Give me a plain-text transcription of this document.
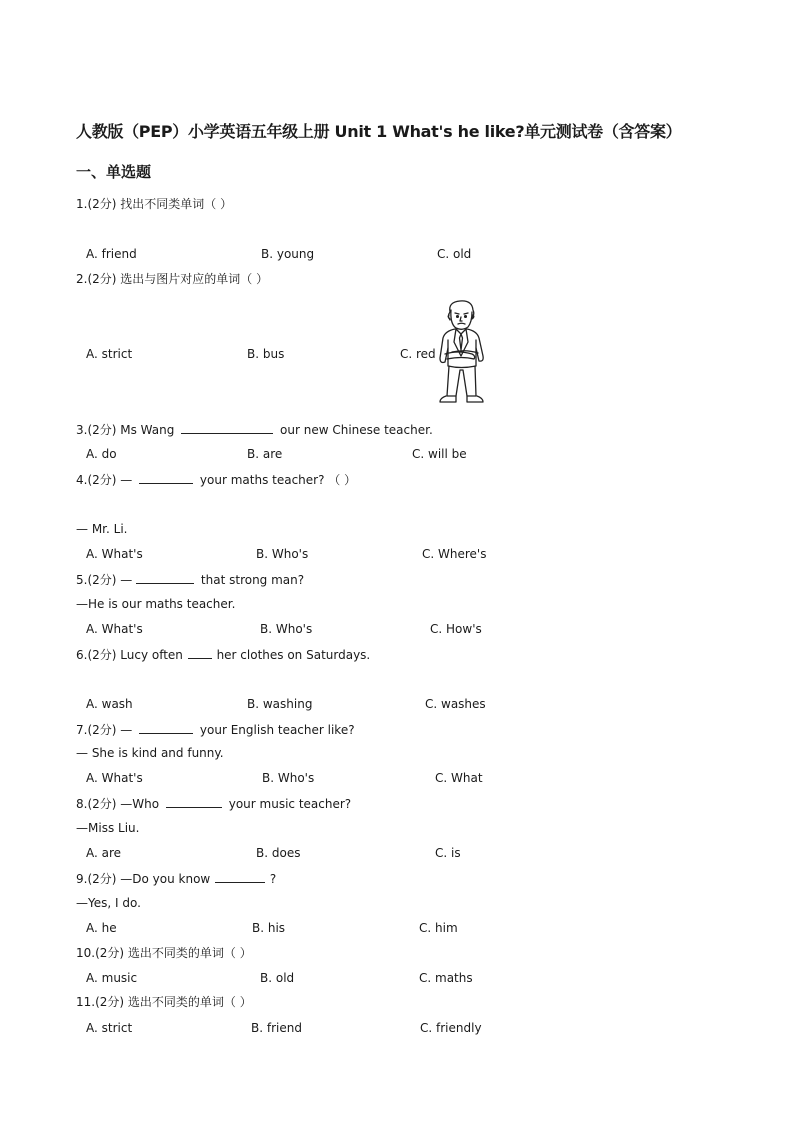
人教版（PEP）小学英语五年级上册 Unit 1 What's he like?单元测试卷（含答案）
一、单选题
1.(2分) 找出不同类单词（ ）
A. friend	B. young	C. old
2.(2分) 选出与图片对应的单词（ ）
A. strict	B. bus	C. red
3.(2分) Ms Wang	our new Chinese teacher.
A. do	B. are	C. will be
4.(2分) —	your maths teacher? （ ）
— Mr. Li.
A. What's	B. Who's	C. Where's
5.(2分) —	that strong man?
—He is our maths teacher.
A. What's	B. Who's	C. How's
6.(2分) Lucy often	her clothes on Saturdays.
A. wash	B. washing	C. washes
7.(2分) —	your English teacher like?
— She is kind and funny.
A. What's	B. Who's	C. What
8.(2分) —Who	your music teacher?
—Miss Liu.
A. are	B. does	C. is
9.(2分) —Do you know	?
—Yes, I do.
A. he	B. his	C. him
10.(2分) 选出不同类的单词（ ）
A. music	B. old	C. maths
11.(2分) 选出不同类的单词（ ）
A. strict	B. friend	C. friendly
